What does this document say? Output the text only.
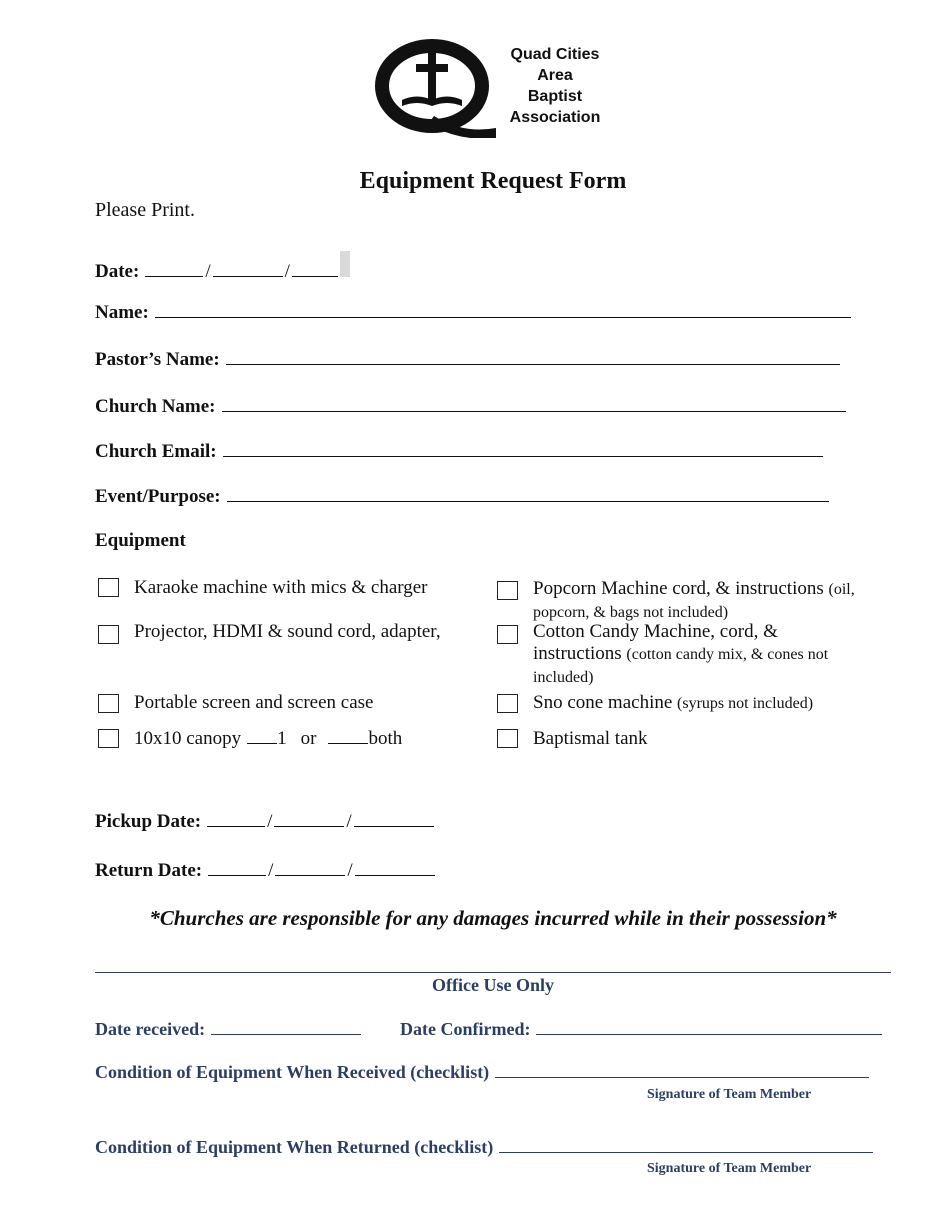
Quad Cities
Area
Baptist
Association
Equipment Request Form
Please Print.
Date:	/	/
Name:
Pastor’s Name:
Church Name:
Church Email:
Event/Purpose:
Equipment
Karaoke machine with mics & charger
Projector, HDMI & sound cord, adapter,
Portable screen and screen case
10x10 canopy 1 or	both
Popcorn Machine cord, & instructions (oil,
popcorn, & bags not included)
Cotton Candy Machine, cord, &
instructions (cotton candy mix, & cones not
included)
Sno cone machine (syrups not included)
Baptismal tank
Pickup Date:	/	/
Return Date:	/	/
*Churches are responsible for any damages incurred while in their possession*
Office Use Only
Date received:	Date Confirmed:
Condition of Equipment When Received (checklist)
Signature of Team Member
Condition of Equipment When Returned (checklist)
Signature of Team Member
